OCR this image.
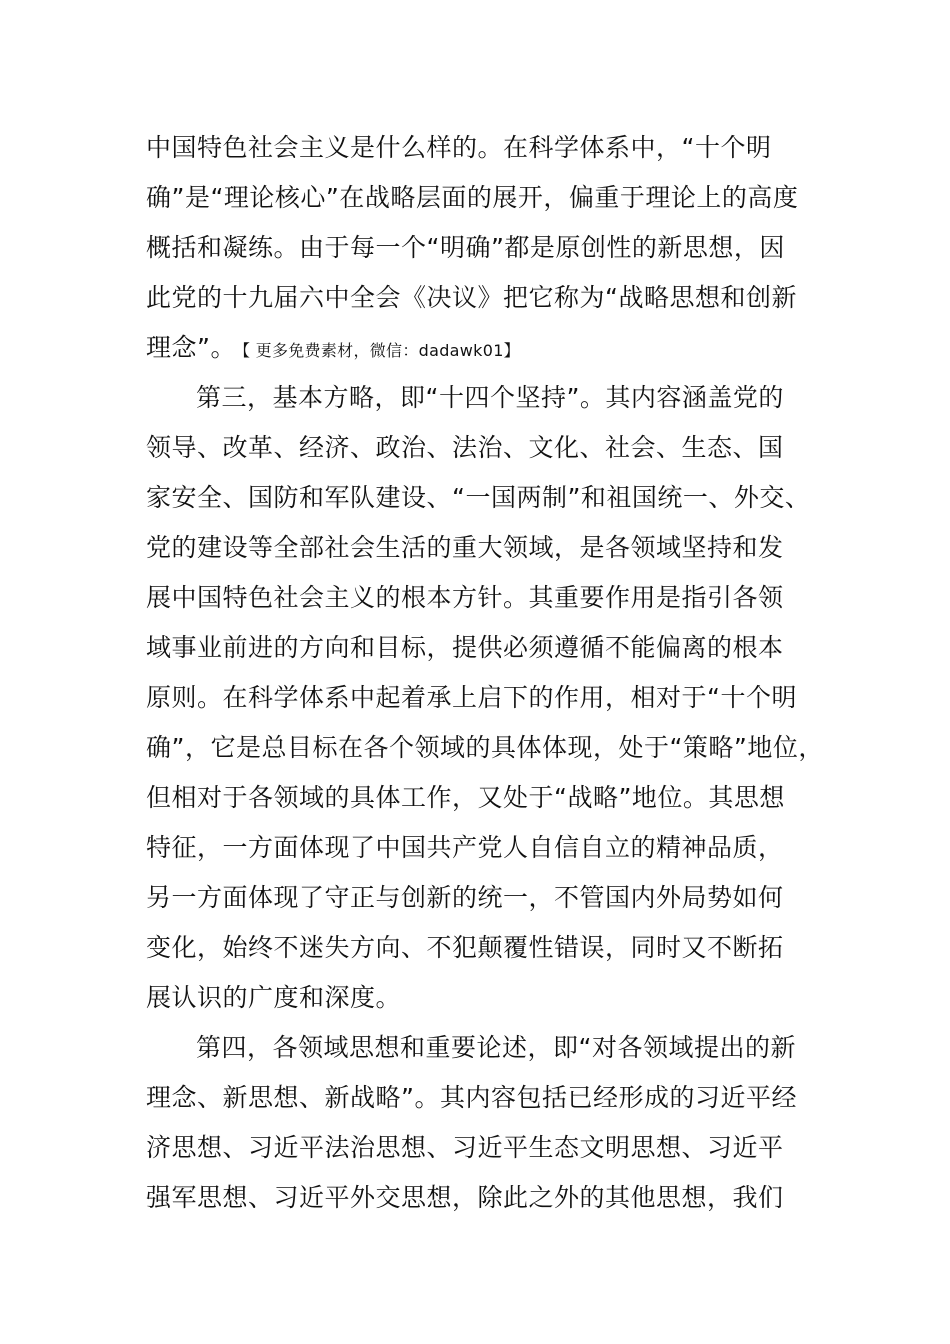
中国特色社会主义是什么样的。在科学体系中，“十个明
确”是“理论核心”在战略层面的展开，偏重于理论上的高度
概括和凝练。由于每一个“明确”都是原创性的新思想，因
此党的十九届六中全会《决议》把它称为“战略思想和创新
理念”。 【 更多免费素材，微信：dadawk01】
第三，基本方略，即“十四个坚持”。其内容涵盖党的
领导、改革、经济、政治、法治、文化、社会、生态、国
家安全、国防和军队建设、“一国两制”和祖国统一、外交、
党的建设等全部社会生活的重大领域，是各领域坚持和发
展中国特色社会主义的根本方针。其重要作用是指引各领
域事业前进的方向和目标，提供必须遵循不能偏离的根本
原则。在科学体系中起着承上启下的作用，相对于“十个明
确”，它是总目标在各个领域的具体体现，处于“策略”地位，
但相对于各领域的具体工作，又处于“战略”地位。其思想
特征，一方面体现了中国共产党人自信自立的精神品质，
另一方面体现了守正与创新的统一，不管国内外局势如何
变化，始终不迷失方向、不犯颠覆性错误，同时又不断拓
展认识的广度和深度。
第四，各领域思想和重要论述，即“对各领域提出的新
理念、新思想、新战略”。其内容包括已经形成的习近平经
济思想、习近平法治思想、习近平生态文明思想、习近平
强军思想、习近平外交思想，除此之外的其他思想，我们
